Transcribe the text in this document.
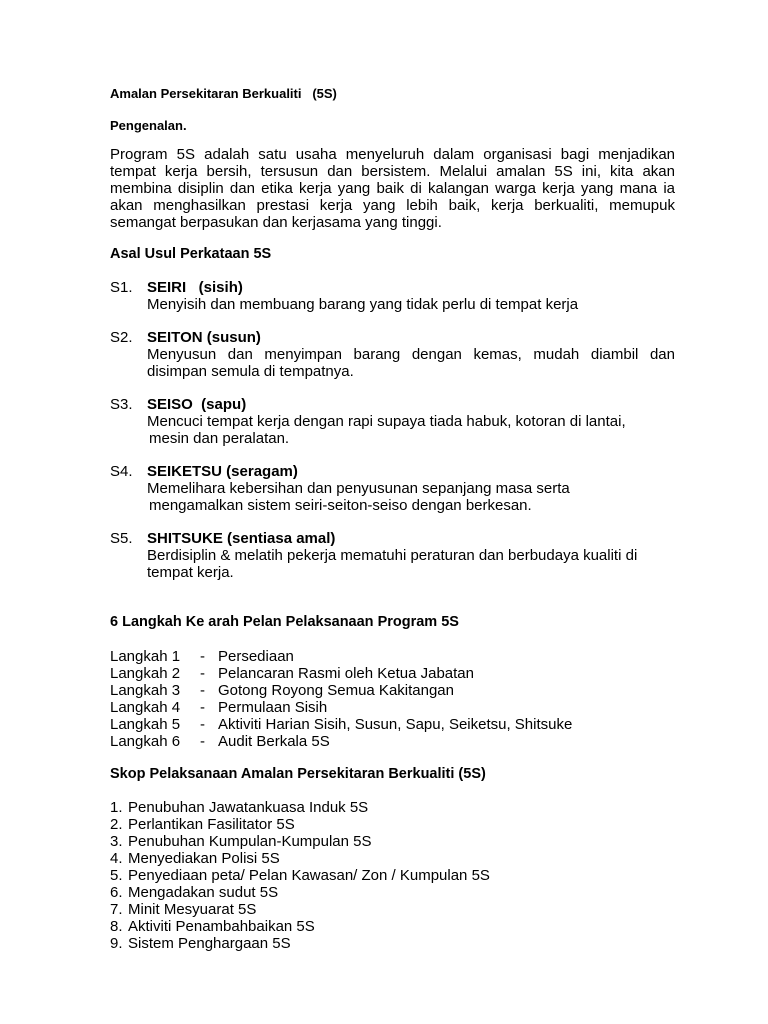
Amalan Persekitaran Berkualiti   (5S)
Pengenalan.
Program 5S adalah satu usaha menyeluruh dalam organisasi bagi menjadikan tempat kerja bersih, tersusun dan bersistem. Melalui amalan 5S ini, kita akan membina disiplin dan etika kerja yang baik di kalangan warga kerja yang mana ia akan menghasilkan prestasi kerja yang lebih baik, kerja berkualiti, memupuk semangat berpasukan dan kerjasama yang tinggi.
Asal Usul Perkataan 5S
S1. SEIRI   (sisih)
Menyisih dan membuang barang yang tidak perlu di tempat kerja
S2. SEITON (susun)
Menyusun dan menyimpan barang dengan kemas, mudah diambil dan disimpan semula di tempatnya.
S3. SEISO  (sapu)
Mencuci tempat kerja dengan rapi supaya tiada habuk, kotoran di lantai,
mesin dan peralatan.
S4. SEIKETSU (seragam)
Memelihara kebersihan dan penyusunan sepanjang masa serta
mengamalkan sistem seiri-seiton-seiso dengan berkesan.
S5. SHITSUKE (sentiasa amal)
Berdisiplin & melatih pekerja mematuhi peraturan dan berbudaya kualiti di tempat kerja.
6 Langkah Ke arah Pelan Pelaksanaan Program 5S
Langkah 1	- Persediaan
Langkah 2	- Pelancaran Rasmi oleh Ketua Jabatan
Langkah 3	- Gotong Royong Semua Kakitangan
Langkah 4	- Permulaan Sisih
Langkah 5	- Aktiviti Harian Sisih, Susun, Sapu, Seiketsu, Shitsuke
Langkah 6	- Audit Berkala 5S
Skop Pelaksanaan Amalan Persekitaran Berkualiti (5S)
1. Penubuhan Jawatankuasa Induk 5S
2. Perlantikan Fasilitator 5S
3. Penubuhan Kumpulan-Kumpulan 5S
4. Menyediakan Polisi 5S
5. Penyediaan peta/ Pelan Kawasan/ Zon / Kumpulan 5S
6. Mengadakan sudut 5S
7. Minit Mesyuarat 5S
8. Aktiviti Penambahbaikan 5S
9. Sistem Penghargaan 5S
